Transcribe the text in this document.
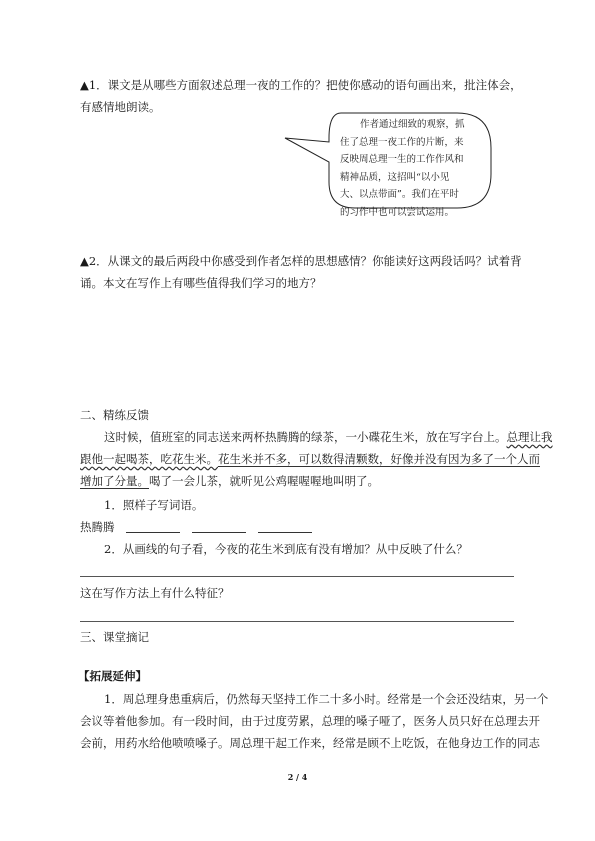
▲1．课文是从哪些方面叙述总理一夜的工作的？把使你感动的语句画出来，批注体会，
有感情地朗读。
作者通过细致的观察，抓
住了总理一夜工作的片断，来
反映周总理一生的工作作风和
精神品质，这招叫“以小见
大、以点带面”。我们在平时
的习作中也可以尝试运用。
▲2．从课文的最后两段中你感受到作者怎样的思想感情？你能读好这两段话吗？试着背
诵。本文在写作上有哪些值得我们学习的地方？
二、精练反馈
这时候，值班室的同志送来两杯热腾腾的绿茶，一小碟花生米，放在写字台上。总理让我
跟他一起喝茶，吃花生米。花生米并不多，可以数得清颗数，好像并没有因为多了一个人而
增加了分量。喝了一会儿茶，就听见公鸡喔喔喔地叫明了。
1．照样子写词语。
热腾腾
2．从画线的句子看，今夜的花生米到底有没有增加？从中反映了什么？
这在写作方法上有什么特征？
三、课堂摘记
【拓展延伸】
1．周总理身患重病后，仍然每天坚持工作二十多小时。经常是一个会还没结束，另一个
会议等着他参加。有一段时间，由于过度劳累，总理的嗓子哑了，医务人员只好在总理去开
会前，用药水给他喷喷嗓子。周总理干起工作来，经常是顾不上吃饭，在他身边工作的同志
2 / 4
